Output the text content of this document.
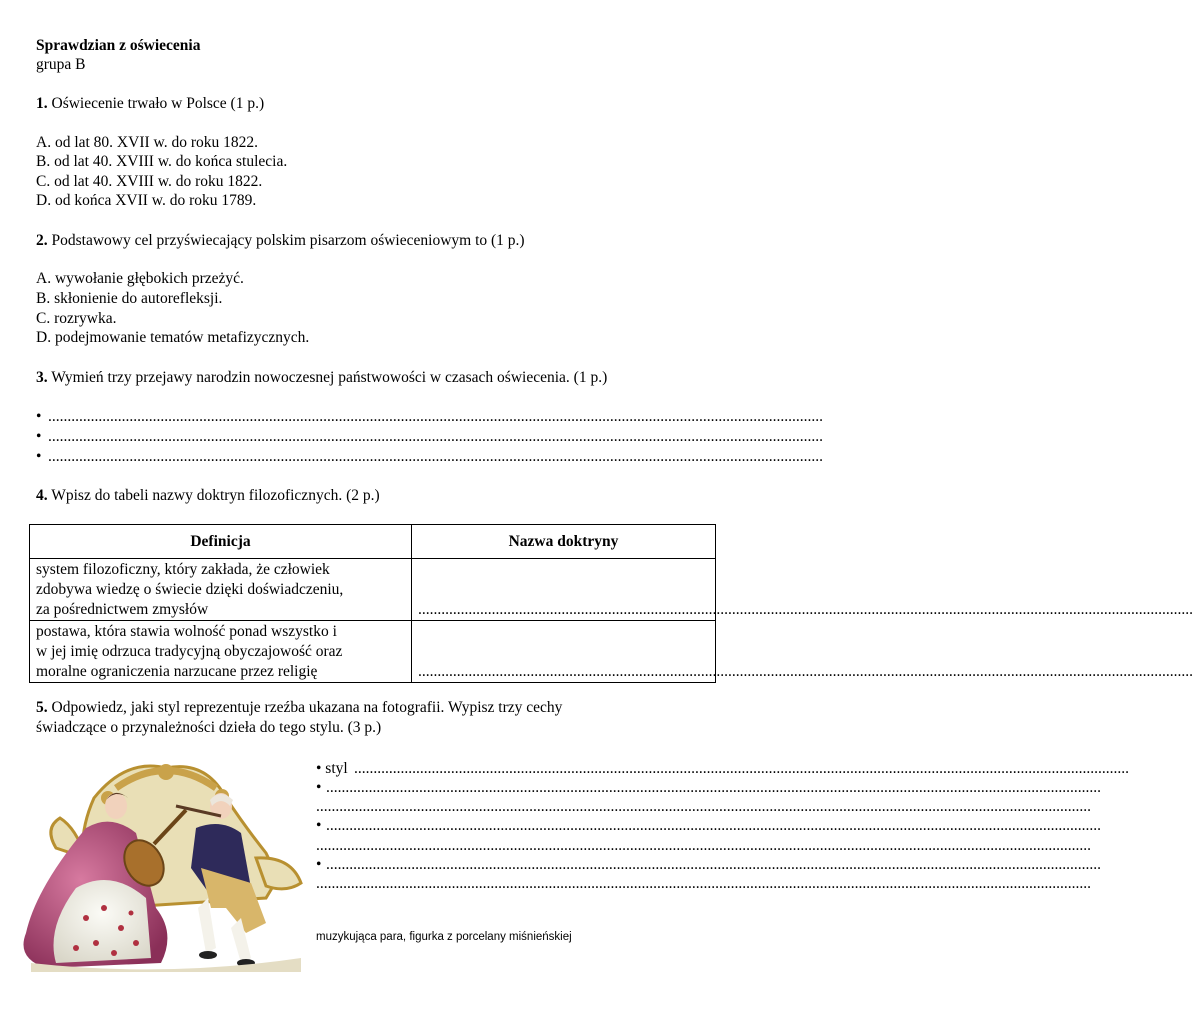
Sprawdzian z oświecenia
grupa B
1. Oświecenie trwało w Polsce (1 p.)
A. od lat 80. XVII w. do roku 1822.
B. od lat 40. XVIII w. do końca stulecia.
C. od lat 40. XVIII w. do roku 1822.
D. od końca XVII w. do roku 1789.
2. Podstawowy cel przyświecający polskim pisarzom oświeceniowym to (1 p.)
A. wywołanie głębokich przeżyć.
B. skłonienie do autorefleksji.
C. rozrywka.
D. podejmowanie tematów metafizycznych.
3. Wymień trzy przejawy narodzin nowoczesnej państwowości w czasach oświecenia. (1 p.)
• ........................................................................................................................................................................................................
• ........................................................................................................................................................................................................
• ........................................................................................................................................................................................................
4. Wpisz do tabeli nazwy doktryn filozoficznych. (2 p.)
Definicja	Nazwa doktryny

system filozoficzny, który zakłada, że człowiek
zdobywa wiedzę o świecie dzięki doświadczeniu,
za pośrednictwem zmysłów	........................................................................................................................................................................................................

postawa, która stawia wolność ponad wszystko i
w jej imię odrzuca tradycyjną obyczajowość oraz
moralne ograniczenia narzucane przez religię	........................................................................................................................................................................................................
5. Odpowiedz, jaki styl reprezentuje rzeźba ukazana na fotografii. Wypisz trzy cechy
świadczące o przynależności dzieła do tego stylu. (3 p.)
• styl ........................................................................................................................................................................................................
• ........................................................................................................................................................................................................
........................................................................................................................................................................................................
• ........................................................................................................................................................................................................
........................................................................................................................................................................................................
• ........................................................................................................................................................................................................
........................................................................................................................................................................................................
muzykująca para, figurka z porcelany miśnieńskiej
